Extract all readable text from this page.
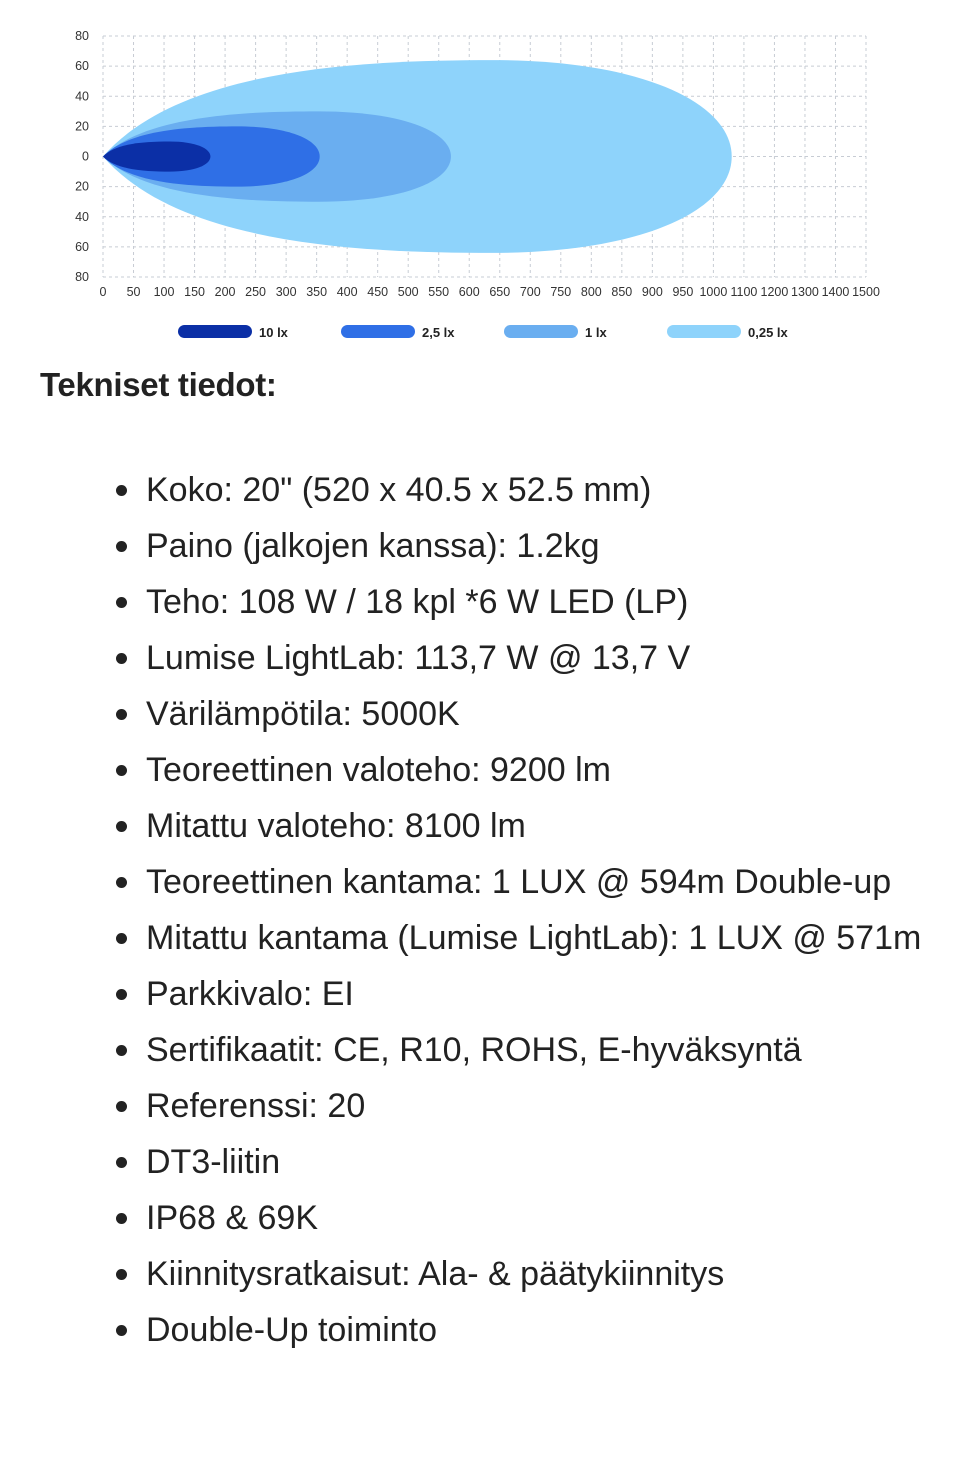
80
60
40
20
0
20
40
60
80
0 50 100 150 200 250 300 350 400 450 500 550 600 650 700 750 800 850 900 950 1000 1100 1200 1300 1400 1500
10 lx	2,5 lx	1 lx	0,25 lx
Tekniset tiedot:
Koko: 20" (520 x 40.5 x 52.5 mm)
Paino (jalkojen kanssa): 1.2kg
Teho: 108 W / 18 kpl *6 W LED (LP)
Lumise LightLab: 113,7 W @ 13,7 V
Värilämpötila: 5000K
Teoreettinen valoteho: 9200 lm
Mitattu valoteho: 8100 lm
Teoreettinen kantama: 1 LUX @ 594m Double-up
Mitattu kantama (Lumise LightLab): 1 LUX @ 571m
Parkkivalo: EI
Sertifikaatit: CE, R10, ROHS, E-hyväksyntä
Referenssi: 20
DT3-liitin
IP68 & 69K
Kiinnitysratkaisut: Ala- & päätykiinnitys
Double-Up toiminto
